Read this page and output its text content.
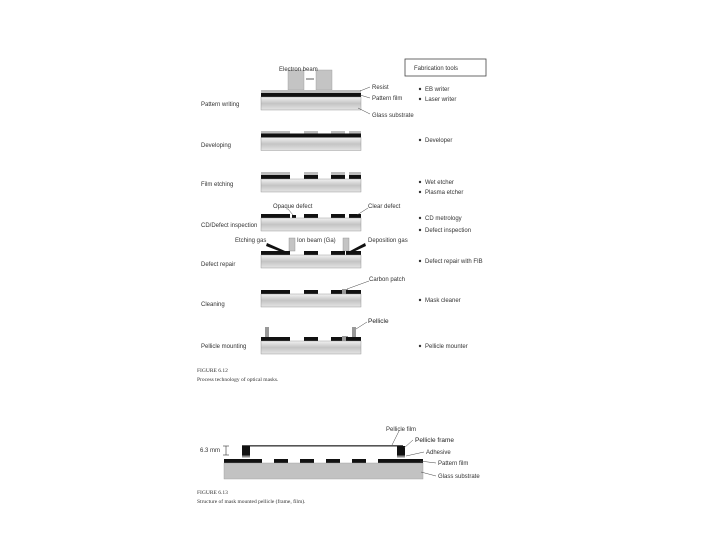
Fabrication tools
Electron beam
Resist
Pattern film
Glass substrate
Pattern writing
Developing
Film etching
Opaque defect	Clear defect
CD/Defect inspection
Etching gas	Ion beam (Ga)	Deposition gas
Defect repair
Carbon patch
Cleaning
Pellicle
Pellicle mounting
EB writer
Laser writer
Developer
Wet etcher
Plasma etcher
CD metrology
Defect inspection
Defect repair with FIB
Mask cleaner
Pellicle mounter
FIGURE 6.12
Process technology of optical masks.
6.3 mm
Pellicle film
Pellicle frame
Adhesive
Pattern film
Glass substrate
FIGURE 6.13
Structure of mask mounted pellicle (frame, film).
